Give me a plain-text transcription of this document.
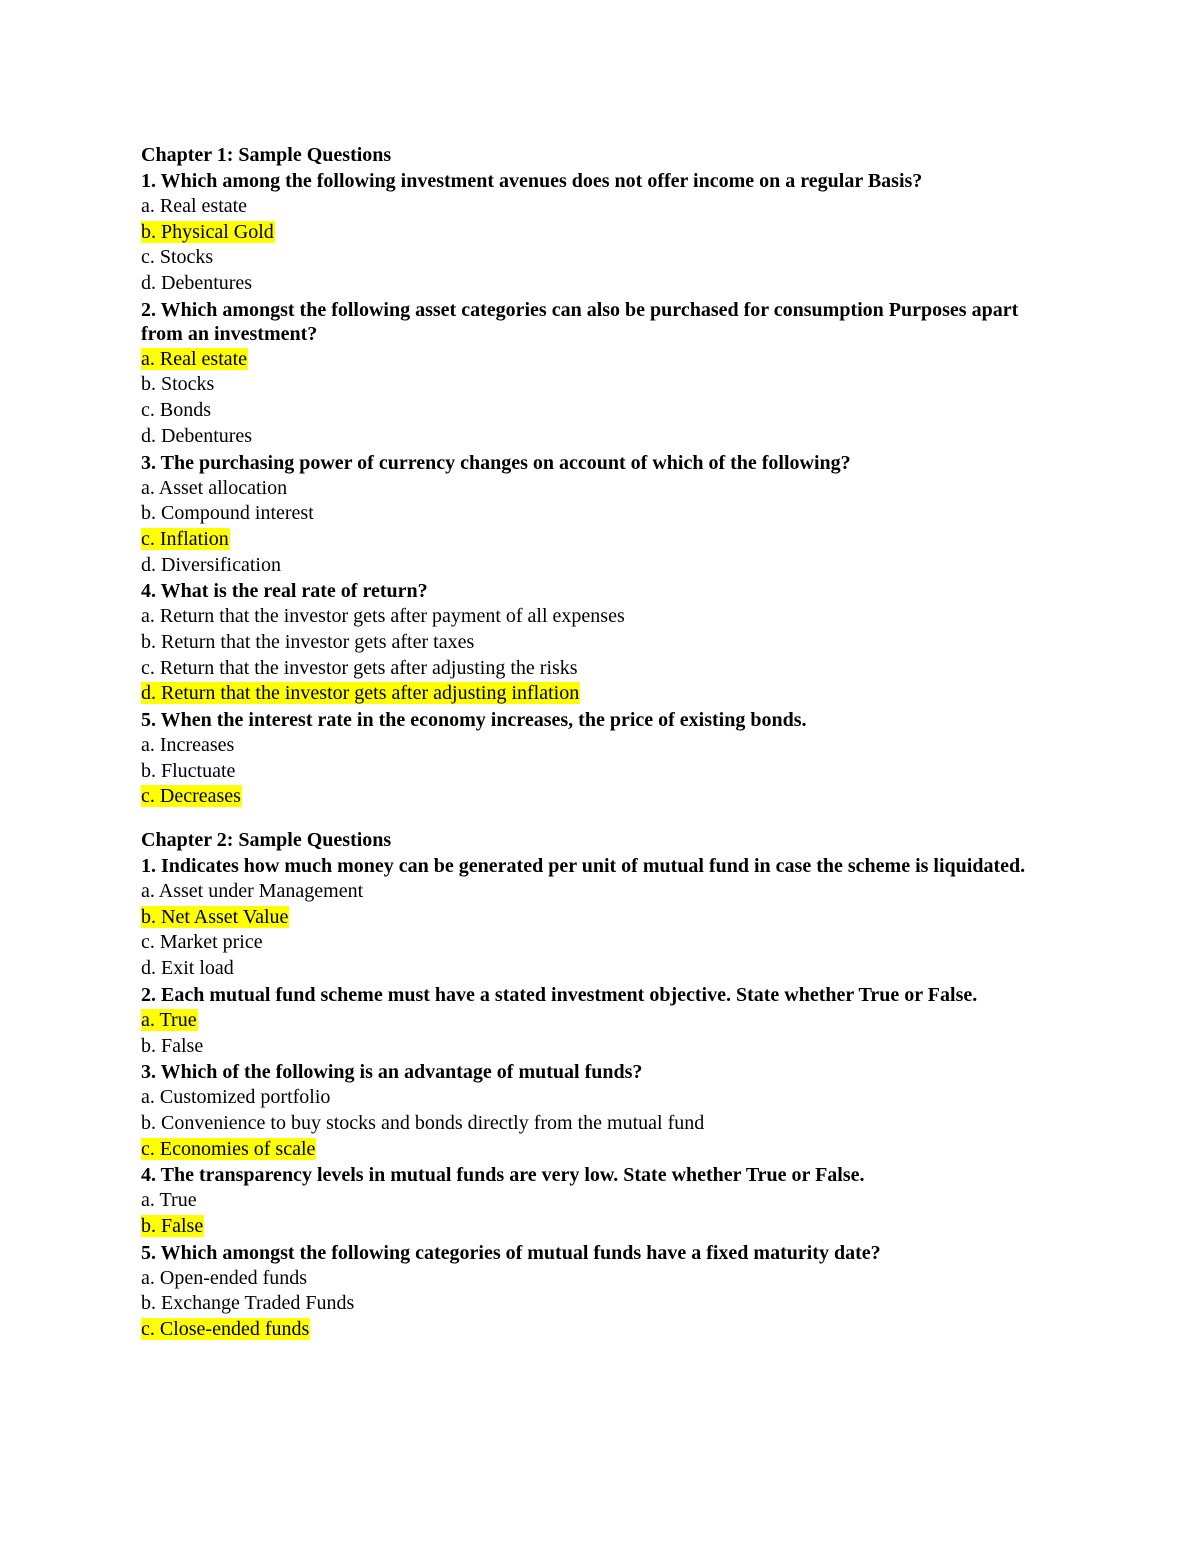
Chapter 1: Sample Questions
1. Which among the following investment avenues does not offer income on a regular Basis?
a. Real estate
b. Physical Gold
c. Stocks
d. Debentures
2. Which amongst the following asset categories can also be purchased for consumption Purposes apart from an investment?
a. Real estate
b. Stocks
c. Bonds
d. Debentures
3. The purchasing power of currency changes on account of which of the following?
a. Asset allocation
b. Compound interest
c. Inflation
d. Diversification
4. What is the real rate of return?
a. Return that the investor gets after payment of all expenses
b. Return that the investor gets after taxes
c. Return that the investor gets after adjusting the risks
d. Return that the investor gets after adjusting inflation
5. When the interest rate in the economy increases, the price of existing bonds.
a. Increases
b. Fluctuate
c. Decreases
Chapter 2: Sample Questions
1. Indicates how much money can be generated per unit of mutual fund in case the scheme is liquidated.
a. Asset under Management
b. Net Asset Value
c. Market price
d. Exit load
2. Each mutual fund scheme must have a stated investment objective. State whether True or False.
a. True
b. False
3. Which of the following is an advantage of mutual funds?
a. Customized portfolio
b. Convenience to buy stocks and bonds directly from the mutual fund
c. Economies of scale
4. The transparency levels in mutual funds are very low. State whether True or False.
a. True
b. False
5. Which amongst the following categories of mutual funds have a fixed maturity date?
a. Open-ended funds
b. Exchange Traded Funds
c. Close-ended funds
